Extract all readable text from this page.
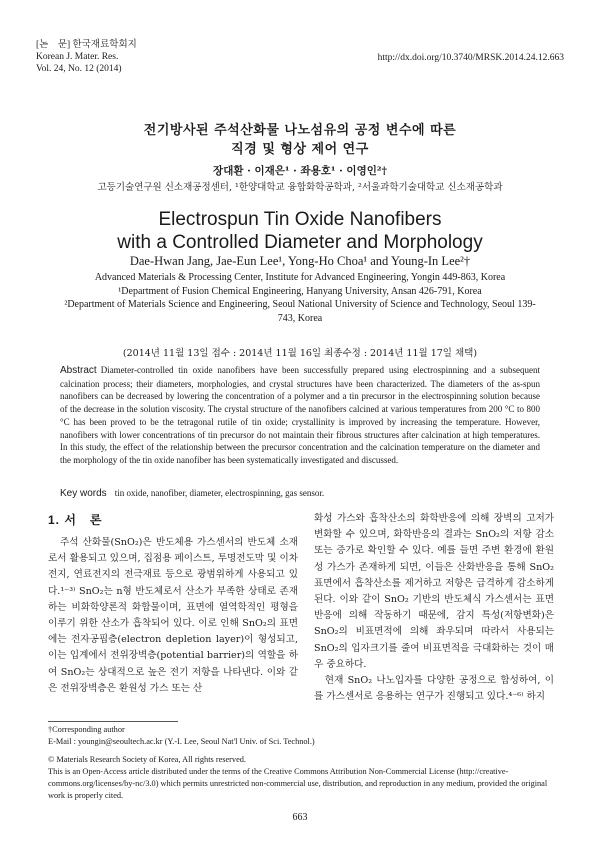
[논　문] 한국재료학회지
Korean J. Mater. Res.
Vol. 24, No. 12 (2014)
http://dx.doi.org/10.3740/MRSK.2014.24.12.663
전기방사된 주석산화물 나노섬유의 공정 변수에 따른
직경 및 형상 제어 연구
장대환 · 이재은¹ · 좌용호¹ · 이영인²†
고등기술연구원 신소재공정센터, ¹한양대학교 융합화학공학과, ²서울과학기술대학교 신소재공학과
Electrospun Tin Oxide Nanofibers
with a Controlled Diameter and Morphology
Dae-Hwan Jang, Jae-Eun Lee¹, Yong-Ho Choa¹ and Young-In Lee²†
Advanced Materials & Processing Center, Institute for Advanced Engineering, Yongin 449-863, Korea
¹Department of Fusion Chemical Engineering, Hanyang University, Ansan 426-791, Korea
²Department of Materials Science and Engineering, Seoul National University of Science and Technology, Seoul 139-743, Korea
(2014년 11월 13일 접수 : 2014년 11월 16일 최종수정 : 2014년 11월 17일 채택)
Abstract Diameter-controlled tin oxide nanofibers have been successfully prepared using electrospinning and a subsequent calcination process; their diameters, morphologies, and crystal structures have been characterized. The diameters of the as-spun nanofibers can be decreased by lowering the concentration of a polymer and a tin precursor in the electrospinning solution because of the decrease in the solution viscosity. The crystal structure of the nanofibers calcined at various temperatures from 200 °C to 800 °C has been proved to be the tetragonal rutile of tin oxide; crystallinity is improved by increasing the temperature. However, nanofibers with lower concentrations of tin precursor do not maintain their fibrous structures after calcination at high temperatures. In this study, the effect of the relationship between the precursor concentration and the calcination temperature on the diameter and the morphology of the tin oxide nanofiber has been systematically investigated and discussed.
Key words tin oxide, nanofiber, diameter, electrospinning, gas sensor.
1. 서　론
주석 산화물(SnO₂)은 반도체용 가스센서의 반도체 소재로서 활용되고 있으며, 집점용 페이스트, 투명전도막 및 이차전지, 연료전지의 전극재료 등으로 광범위하게 사용되고 있다.¹⁻³⁾ SnO₂는 n형 반도체로서 산소가 부족한 상태로 존재하는 비화학양론적 화합물이며, 표면에 열역학적인 평형을 이루기 위한 산소가 흡착되어 있다. 이로 인해 SnO₂의 표면에는 전자공핍층(electron depletion layer)이 형성되고, 이는 입계에서 전위장벽층(potential barrier)의 역할을 하여 SnO₂는 상대적으로 높은 전기 저항을 나타낸다. 이와 같은 전위장벽층은 환원성 가스 또는 산
화성 가스와 흡착산소의 화학반응에 의해 장벽의 고저가 변화할 수 있으며, 화학반응의 결과는 SnO₂의 저항 감소 또는 증가로 확인할 수 있다. 예를 들면 주변 환경에 환원성 가스가 존재하게 되면, 이들은 산화반응을 통해 SnO₂ 표면에서 흡착산소를 제거하고 저항은 급격하게 감소하게 된다. 이와 같이 SnO₂ 기반의 반도체식 가스센서는 표면 반응에 의해 작동하기 때문에, 감지 특성(저항변화)은 SnO₂의 비표면적에 의해 좌우되며 따라서 사용되는 SnO₂의 입자크기를 줄여 비표면적을 극대화하는 것이 매우 중요하다.
　현재 SnO₂ 나노입자를 다양한 공정으로 합성하여, 이를 가스센서로 응용하는 연구가 진행되고 있다.⁴⁻⁶⁾ 하지
†Corresponding author
E-Mail : youngin@seoultech.ac.kr (Y.-I. Lee, Seoul Nat'l Univ. of Sci. Technol.)
© Materials Research Society of Korea, All rights reserved.
This is an Open-Access article distributed under the terms of the Creative Commons Attribution Non-Commercial License (http://creative-commons.org/licenses/by-nc/3.0) which permits unrestricted non-commercial use, distribution, and reproduction in any medium, provided the original work is properly cited.
663
